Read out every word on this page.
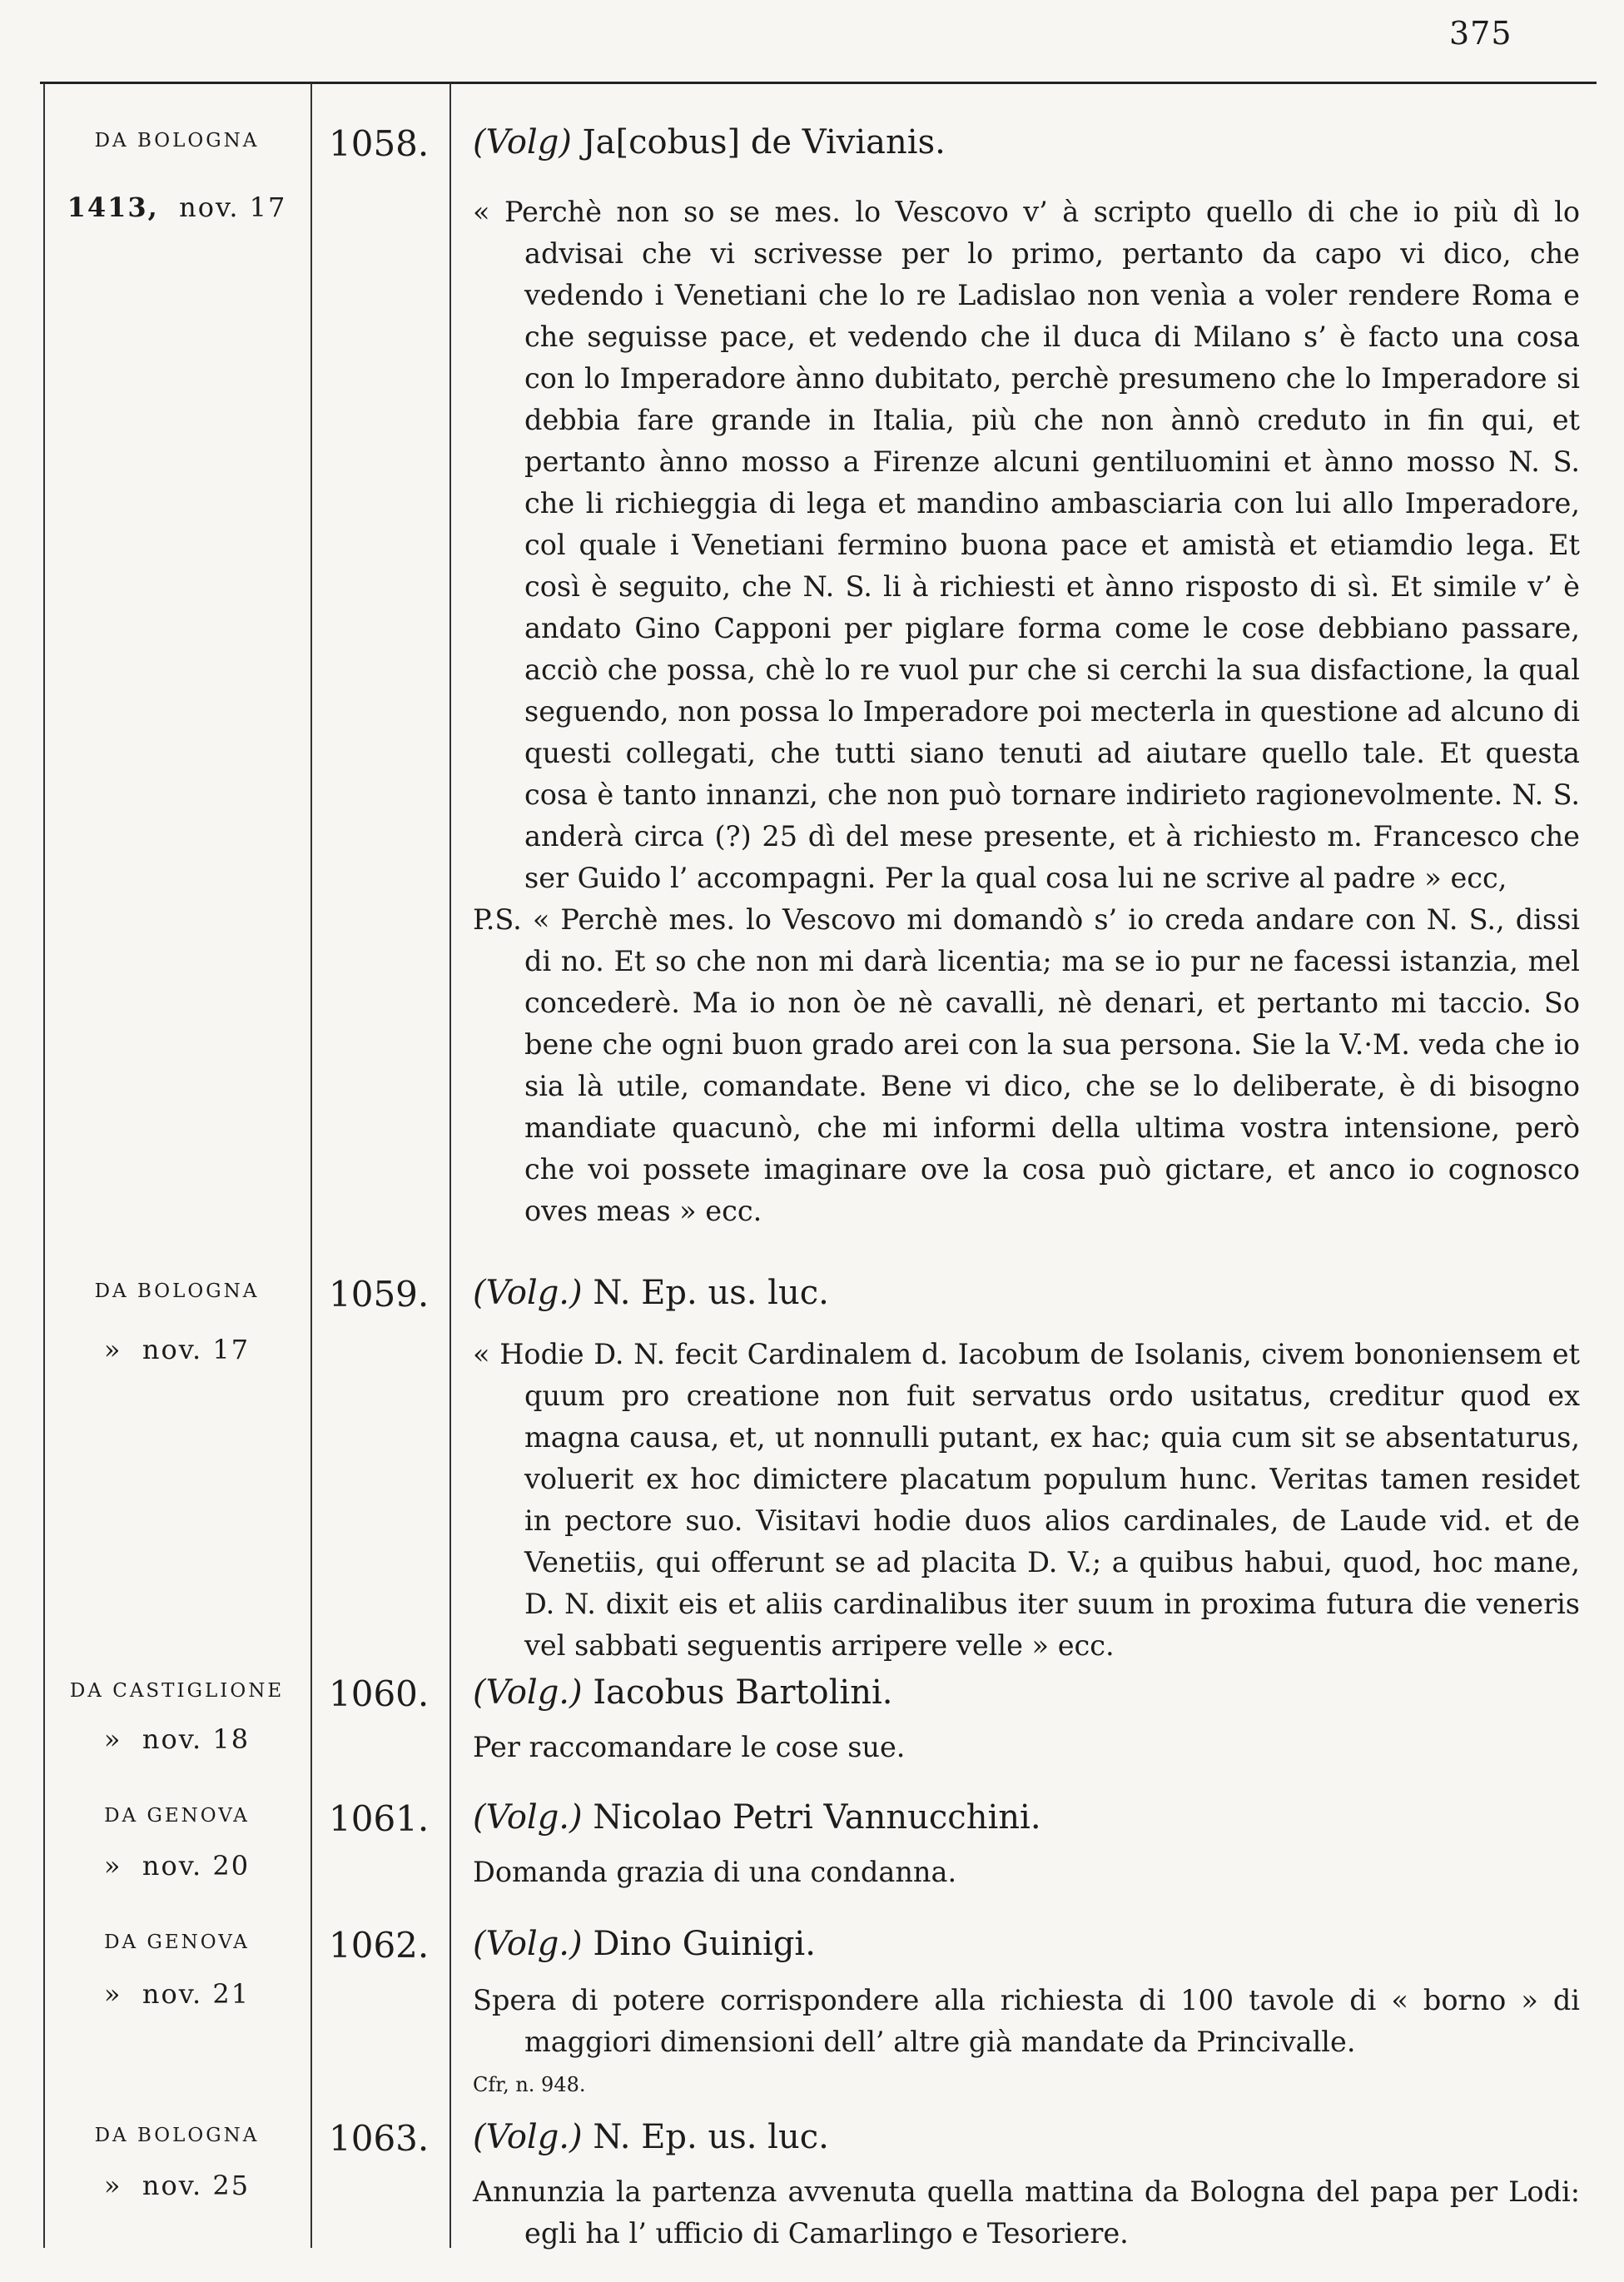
375
DA BOLOGNA
1413, nov. 17
1058. (Volg) Ja[cobus] de Vivianis.

« Perchè non so se mes. lo Vescovo v’ à scripto quello di che io più dì lo advisai che vi scrivesse per lo primo, pertanto da capo vi dico, che vedendo i Venetiani che lo re Ladislao non venìa a voler rendere Roma e che seguisse pace, et vedendo che il duca di Milano s’ è facto una cosa con lo Imperadore ànno dubitato, perchè presumeno che lo Imperadore si debbia fare grande in Italia, più che non ànnò creduto in fin qui, et pertanto ànno mosso a Firenze alcuni gentiluomini et ànno mosso N. S. che li richieggia di lega et mandino ambasciaria con lui allo Imperadore, col quale i Venetiani fermino buona pace et amistà et etiamdio lega. Et così è seguito, che N. S. li à richiesti et ànno risposto di sì. Et simile v’ è andato Gino Capponi per piglare forma come le cose debbiano passare, acciò che possa, chè lo re vuol pur che si cerchi la sua disfactione, la qual seguendo, non possa lo Imperadore poi mecterla in questione ad alcuno di questi collegati, che tutti siano tenuti ad aiutare quello tale. Et questa cosa è tanto innanzi, che non può tornare indirieto ragionevolmente. N. S. anderà circa (?) 25 dì del mese presente, et à richiesto m. Francesco che ser Guido l’ accompagni. Per la qual cosa lui ne scrive al padre » ecc,

P.S. « Perchè mes. lo Vescovo mi domandò s’ io creda andare con N. S., dissi di no. Et so che non mi darà licentia; ma se io pur ne facessi istanzia, mel concederè. Ma io non òe nè cavalli, nè denari, et pertanto mi taccio. So bene che ogni buon grado arei con la sua persona. Sie la V.·M. veda che io sia là utile, comandate. Bene vi dico, che se lo deliberate, è di bisogno mandiate quacunò, che mi informi della ultima vostra intensione, però che voi possete imaginare ove la cosa può gictare, et anco io cognosco oves meas » ecc.

DA BOLOGNA
» nov. 17
1059. (Volg.) N. Ep. us. luc.

« Hodie D. N. fecit Cardinalem d. Iacobum de Isolanis, civem bononiensem et quum pro creatione non fuit servatus ordo usitatus, creditur quod ex magna causa, et, ut nonnulli putant, ex hac; quia cum sit se absentaturus, voluerit ex hoc dimictere placatum populum hunc. Veritas tamen residet in pectore suo. Visitavi hodie duos alios cardinales, de Laude vid. et de Venetiis, qui offerunt se ad placita D. V.; a quibus habui, quod, hoc mane, D. N. dixit eis et aliis cardinalibus iter suum in proxima futura die veneris vel sabbati seguentis arripere velle » ecc.

DA CASTIGLIONE
» nov. 18
1060. (Volg.) Iacobus Bartolini.

Per raccomandare le cose sue.

DA GENOVA
» nov. 20
1061. (Volg.) Nicolao Petri Vannucchini.

Domanda grazia di una condanna.

DA GENOVA
» nov. 21
1062. (Volg.) Dino Guinigi.

Spera di potere corrispondere alla richiesta di 100 tavole di « borno » di maggiori dimensioni dell’ altre già mandate da Princivalle.

Cfr, n. 948.
DA BOLOGNA
» nov. 25
1063. (Volg.) N. Ep. us. luc.

Annunzia la partenza avvenuta quella mattina da Bologna del papa per Lodi: egli ha l’ ufficio di Camarlingo e Tesoriere.
